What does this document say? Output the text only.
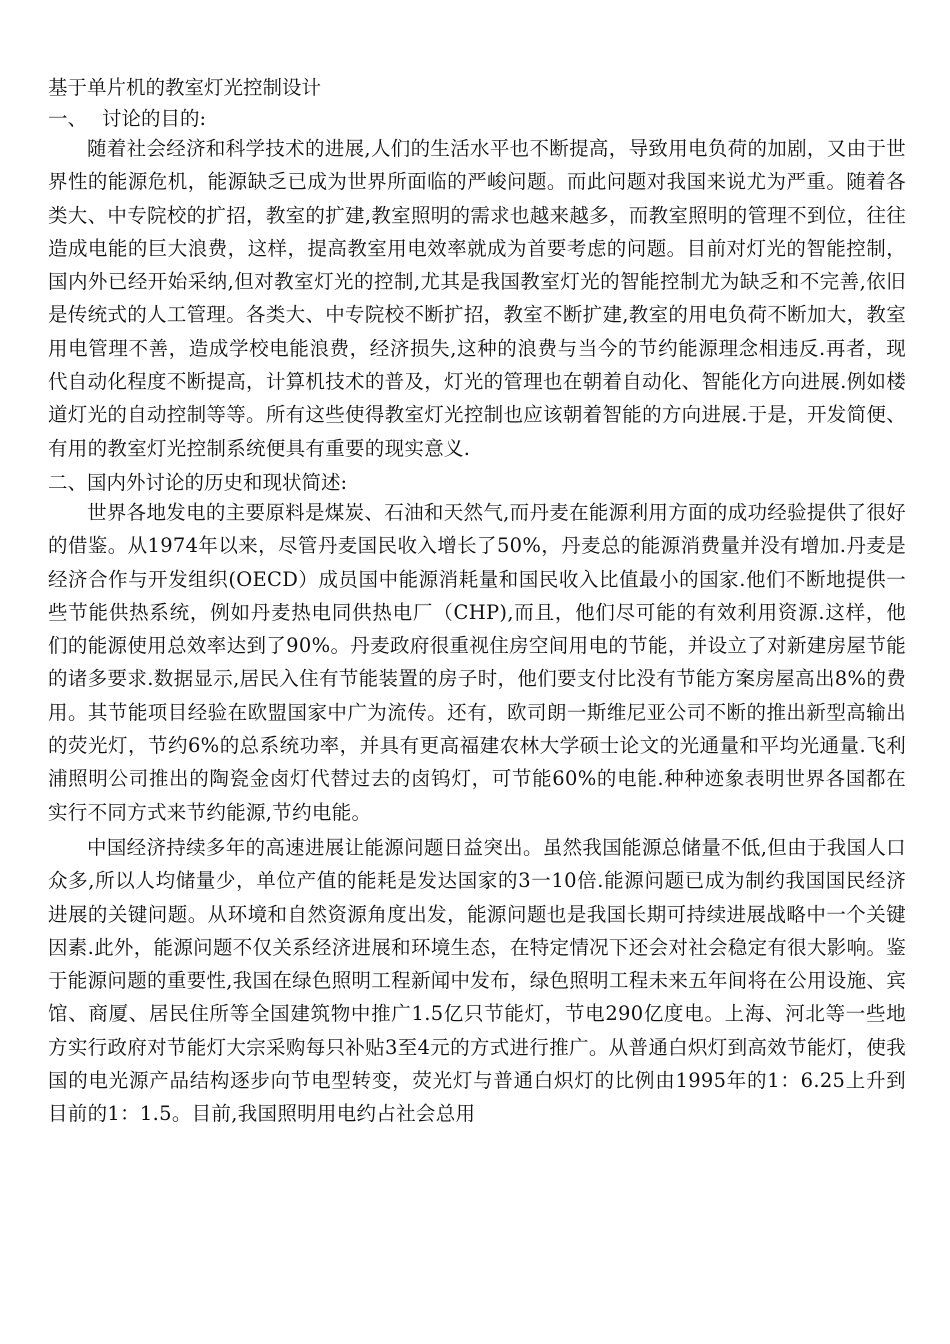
基于单片机的教室灯光控制设计

一、 讨论的目的:

随着社会经济和科学技术的进展,人们的生活水平也不断提高，导致用电负荷的加剧，又由于世界性的能源危机，能源缺乏已成为世界所面临的严峻问题。而此问题对我国来说尤为严重。随着各类大、中专院校的扩招，教室的扩建,教室照明的需求也越来越多，而教室照明的管理不到位，往往造成电能的巨大浪费，这样，提高教室用电效率就成为首要考虑的问题。目前对灯光的智能控制，国内外已经开始采纳,但对教室灯光的控制,尤其是我国教室灯光的智能控制尤为缺乏和不完善,依旧是传统式的人工管理。各类大、中专院校不断扩招，教室不断扩建,教室的用电负荷不断加大，教室用电管理不善，造成学校电能浪费，经济损失,这种的浪费与当今的节约能源理念相违反.再者，现代自动化程度不断提高，计算机技术的普及，灯光的管理也在朝着自动化、智能化方向进展.例如楼道灯光的自动控制等等。所有这些使得教室灯光控制也应该朝着智能的方向进展.于是，开发简便、有用的教室灯光控制系统便具有重要的现实意义.

二、国内外讨论的历史和现状简述:

世界各地发电的主要原料是煤炭、石油和天然气,而丹麦在能源利用方面的成功经验提供了很好的借鉴。从1974年以来，尽管丹麦国民收入增长了50%，丹麦总的能源消费量并没有增加.丹麦是经济合作与开发组织(OECD）成员国中能源消耗量和国民收入比值最小的国家.他们不断地提供一些节能供热系统，例如丹麦热电同供热电厂（CHP),而且，他们尽可能的有效利用资源.这样，他们的能源使用总效率达到了90%。丹麦政府很重视住房空间用电的节能，并设立了对新建房屋节能的诸多要求.数据显示,居民入住有节能装置的房子时，他们要支付比没有节能方案房屋高出8%的费用。其节能项目经验在欧盟国家中广为流传。还有，欧司朗一斯维尼亚公司不断的推出新型高输出的荧光灯，节约6%的总系统功率，并具有更高福建农林大学硕士论文的光通量和平均光通量.飞利浦照明公司推出的陶瓷金卤灯代替过去的卤钨灯，可节能60%的电能.种种迹象表明世界各国都在实行不同方式来节约能源,节约电能。

中国经济持续多年的高速进展让能源问题日益突出。虽然我国能源总储量不低,但由于我国人口众多,所以人均储量少，单位产值的能耗是发达国家的3一10倍.能源问题已成为制约我国国民经济进展的关键问题。从环境和自然资源角度出发，能源问题也是我国长期可持续进展战略中一个关键因素.此外，能源问题不仅关系经济进展和环境生态，在特定情况下还会对社会稳定有很大影响。鉴于能源问题的重要性,我国在绿色照明工程新闻中发布，绿色照明工程未来五年间将在公用设施、宾馆、商厦、居民住所等全国建筑物中推广1.5亿只节能灯，节电290亿度电。上海、河北等一些地方实行政府对节能灯大宗采购每只补贴3至4元的方式进行推广。从普通白炽灯到高效节能灯，使我国的电光源产品结构逐步向节电型转变，荧光灯与普通白炽灯的比例由1995年的1：6.25上升到目前的1：1.5。目前,我国照明用电约占社会总用
